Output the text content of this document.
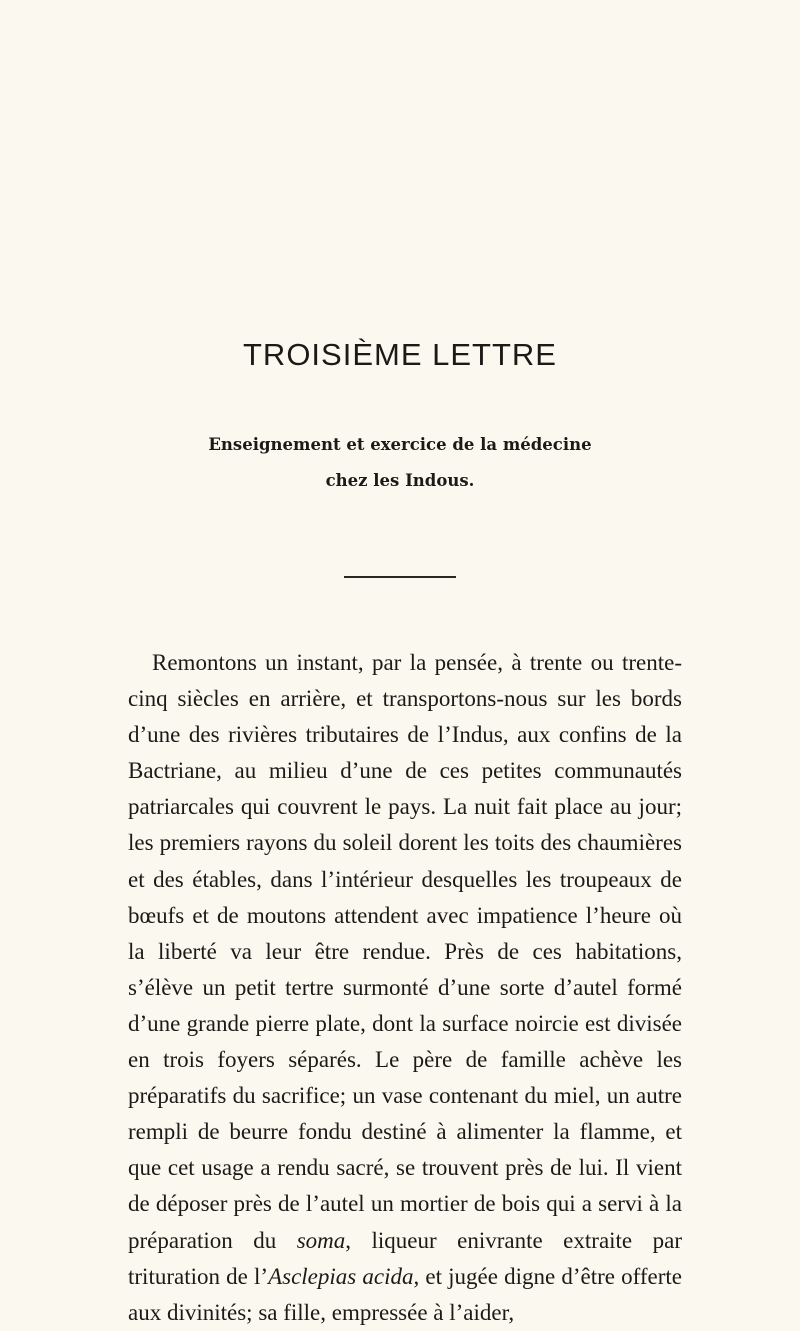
TROISIÈME LETTRE
Enseignement et exercice de la médecine
chez les Indous.

Remontons un instant, par la pensée, à trente ou trente-cinq siècles en arrière, et transportons-nous sur les bords d’une des rivières tributaires de l’Indus, aux confins de la Bactriane, au milieu d’une de ces petites communautés patriarcales qui couvrent le pays. La nuit fait place au jour; les premiers rayons du soleil dorent les toits des chaumières et des étables, dans l’intérieur desquelles les troupeaux de bœufs et de moutons attendent avec impatience l’heure où la liberté va leur être rendue. Près de ces habitations, s’élève un petit tertre surmonté d’une sorte d’autel formé d’une grande pierre plate, dont la surface noircie est divisée en trois foyers séparés. Le père de famille achève les préparatifs du sacrifice; un vase contenant du miel, un autre rempli de beurre fondu destiné à alimenter la flamme, et que cet usage a rendu sacré, se trouvent près de lui. Il vient de déposer près de l’autel un mortier de bois qui a servi à la préparation du soma, liqueur enivrante extraite par trituration de l’Asclepias acida, et jugée digne d’être offerte aux divinités; sa fille, empressée à l’aider,
